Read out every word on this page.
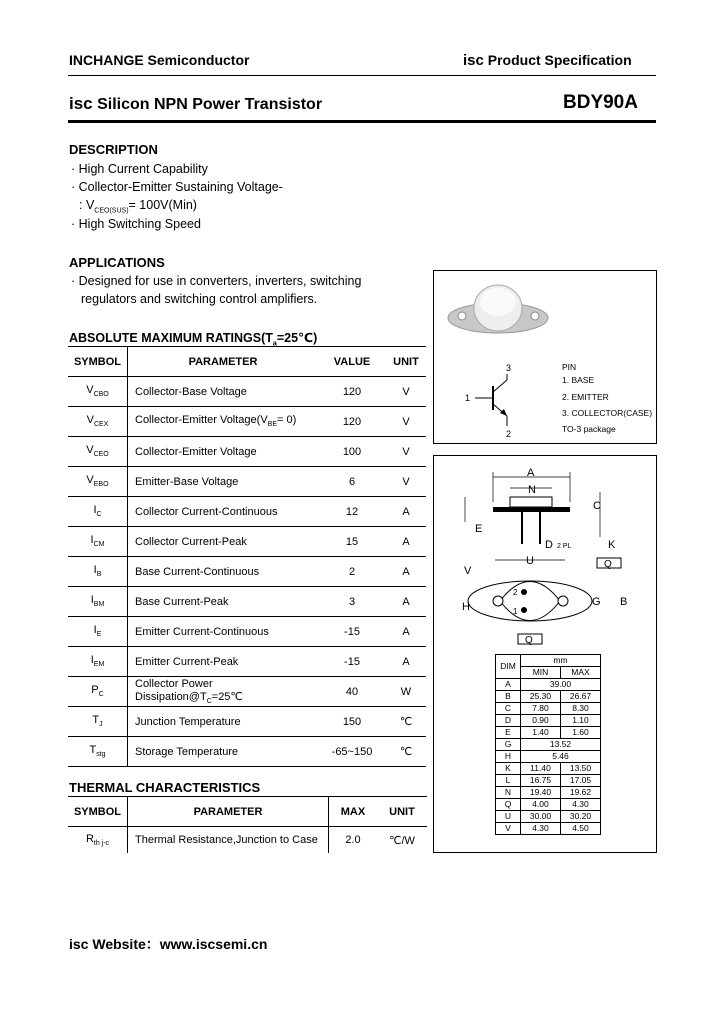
INCHANGE Semiconductor	isc Product Specification
isc Silicon NPN Power Transistor	BDY90A
DESCRIPTION
· High Current Capability
· Collector-Emitter Sustaining Voltage-
: $V_{CEO(SUS)}= 100V(Min)$
· High Switching Speed
APPLICATIONS
· Designed for use in converters, inverters, switching
regulators and switching control amplifiers.
ABSOLUTE MAXIMUM $RATINGS(T_a=25℃)$
SYMBOL	PARAMETER	VALUE	UNIT
$V_{CBO}$	Collector-Base Voltage	120	V
$V_{CEX}$	Collector-Emitter $Voltage(V_{BE}= 0)$	120	V
$V_{CEO}$	Collector-Emitter Voltage	100	V
$V_{EBO}$	Emitter-Base Voltage	6	V
$I_C$	Collector Current-Continuous	12	A
$I_{CM}$	Collector Current-Peak	15	A
$I_B$	Base Current-Continuous	2	A
$I_{BM}$	Base Current-Peak	3	A
$I_E$	Emitter Current-Continuous	-15	A
$I_{EM}$	Emitter Current-Peak	-15	A
$P_C$	Collector Power $Dissipation@T_C=25℃$	40	W
$T_J$	Junction Temperature	150	℃
$T_{stg}$	Storage Temperature	-65~150	℃
THERMAL CHARACTERISTICS
SYMBOL	PARAMETER	MAX	UNIT
$R_{th j-c}$	Thermal Resistance,Junction to Case	2.0	℃/W
3
1
2
PIN
1. BASE
2. EMITTER
3. COLLECTOR(CASE)
TO-3 package
A
N
E
C
D 2 PL	K
U
V
H
Q
B
G
2
1
Q
DIM	mm	
	MIN	MAX
A	39.00	
B	25.30	26.67
C	7.80	8.30
D	0.90	1.10
E	1.40	1.60
G	13.52	
H	5.46	
K	11.40	13.50
L	16.75	17.05
N	19.40	19.62
Q	4.00	4.30
U	30.00	30.20
V	4.30	4.50
isc Website：www.iscsemi.cn
